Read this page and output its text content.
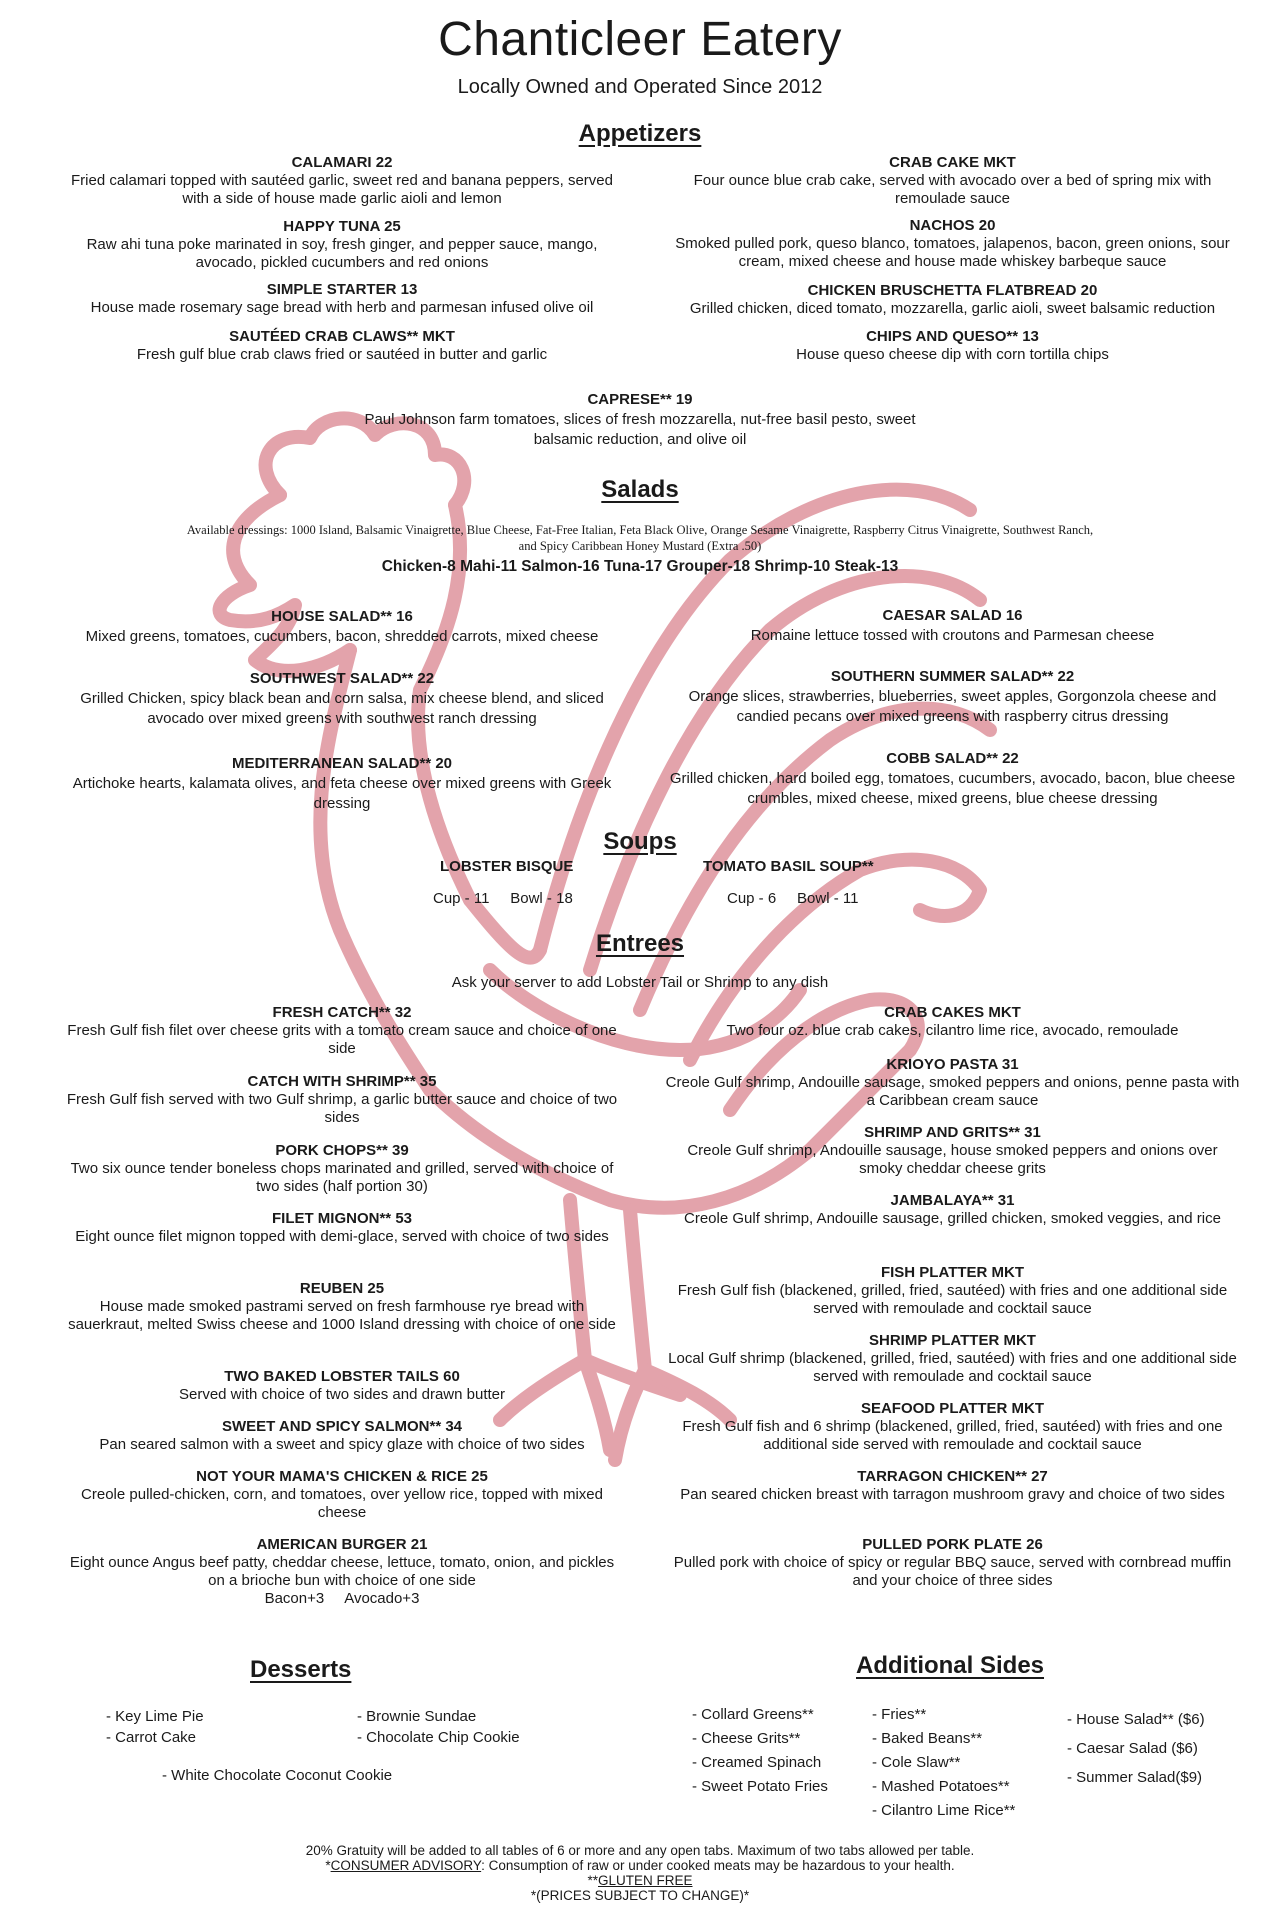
Chanticleer Eatery
Locally Owned and Operated Since 2012
Appetizers
CALAMARI 22
Fried calamari topped with sautéed garlic, sweet red and banana peppers, served with a side of house made garlic aioli and lemon
HAPPY TUNA 25
Raw ahi tuna poke marinated in soy, fresh ginger, and pepper sauce, mango, avocado, pickled cucumbers and red onions
SIMPLE STARTER 13
House made rosemary sage bread with herb and parmesan infused olive oil
SAUTÉED CRAB CLAWS** MKT
Fresh gulf blue crab claws fried or sautéed in butter and garlic
CRAB CAKE MKT
Four ounce blue crab cake, served with avocado over a bed of spring mix with remoulade sauce
NACHOS 20
Smoked pulled pork, queso blanco, tomatoes, jalapenos, bacon, green onions, sour cream, mixed cheese and house made whiskey barbeque sauce
CHICKEN BRUSCHETTA FLATBREAD 20
Grilled chicken, diced tomato, mozzarella, garlic aioli, sweet balsamic reduction
CHIPS AND QUESO** 13
House queso cheese dip with corn tortilla chips
CAPRESE** 19
Paul Johnson farm tomatoes, slices of fresh mozzarella, nut-free basil pesto, sweet balsamic reduction, and olive oil
Salads
Available dressings: 1000 Island, Balsamic Vinaigrette, Blue Cheese, Fat-Free Italian, Feta Black Olive, Orange Sesame Vinaigrette, Raspberry Citrus Vinaigrette, Southwest Ranch, and Spicy Caribbean Honey Mustard (Extra .50)
Chicken-8 Mahi-11 Salmon-16 Tuna-17 Grouper-18 Shrimp-10 Steak-13
HOUSE SALAD** 16
Mixed greens, tomatoes, cucumbers, bacon, shredded carrots, mixed cheese
SOUTHWEST SALAD** 22
Grilled Chicken, spicy black bean and corn salsa, mix cheese blend, and sliced avocado over mixed greens with southwest ranch dressing
MEDITERRANEAN SALAD** 20
Artichoke hearts, kalamata olives, and feta cheese over mixed greens with Greek dressing
CAESAR SALAD 16
Romaine lettuce tossed with croutons and Parmesan cheese
SOUTHERN SUMMER SALAD** 22
Orange slices, strawberries, blueberries, sweet apples, Gorgonzola cheese and candied pecans over mixed greens with raspberry citrus dressing
COBB SALAD** 22
Grilled chicken, hard boiled egg, tomatoes, cucumbers, avocado, bacon, blue cheese crumbles, mixed cheese, mixed greens, blue cheese dressing
Soups
LOBSTER BISQUE
Cup - 11     Bowl - 18
TOMATO BASIL SOUP**
Cup - 6     Bowl - 11
Entrees
Ask your server to add Lobster Tail or Shrimp to any dish
FRESH CATCH** 32
Fresh Gulf fish filet over cheese grits with a tomato cream sauce and choice of one side
CATCH WITH SHRIMP** 35
Fresh Gulf fish served with two Gulf shrimp, a garlic butter sauce and choice of two sides
PORK CHOPS** 39
Two six ounce tender boneless chops marinated and grilled, served with choice of two sides (half portion 30)
FILET MIGNON** 53
Eight ounce filet mignon topped with demi-glace, served with choice of two sides
REUBEN 25
House made smoked pastrami served on fresh farmhouse rye bread with sauerkraut, melted Swiss cheese and 1000 Island dressing with choice of one side
TWO BAKED LOBSTER TAILS 60
Served with choice of two sides and drawn butter
SWEET AND SPICY SALMON** 34
Pan seared salmon with a sweet and spicy glaze with choice of two sides
NOT YOUR MAMA'S CHICKEN & RICE 25
Creole pulled-chicken, corn, and tomatoes, over yellow rice, topped with mixed cheese
AMERICAN BURGER 21
Eight ounce Angus beef patty, cheddar cheese, lettuce, tomato, onion, and pickles on a brioche bun with choice of one side
Bacon+3     Avocado+3
CRAB CAKES MKT
Two four oz. blue crab cakes, cilantro lime rice, avocado, remoulade
KRIOYO PASTA 31
Creole Gulf shrimp, Andouille sausage, smoked peppers and onions, penne pasta with a Caribbean cream sauce
SHRIMP AND GRITS** 31
Creole Gulf shrimp, Andouille sausage, house smoked peppers and onions over smoky cheddar cheese grits
JAMBALAYA** 31
Creole Gulf shrimp, Andouille sausage, grilled chicken, smoked veggies, and rice
FISH PLATTER MKT
Fresh Gulf fish (blackened, grilled, fried, sautéed) with fries and one additional side served with remoulade and cocktail sauce
SHRIMP PLATTER MKT
Local Gulf shrimp (blackened, grilled, fried, sautéed) with fries and one additional side served with remoulade and cocktail sauce
SEAFOOD PLATTER MKT
Fresh Gulf fish and 6 shrimp (blackened, grilled, fried, sautéed) with fries and one additional side served with remoulade and cocktail sauce
TARRAGON CHICKEN** 27
Pan seared chicken breast with tarragon mushroom gravy and choice of two sides
PULLED PORK PLATE 26
Pulled pork with choice of spicy or regular BBQ sauce, served with cornbread muffin and your choice of three sides
Desserts
- Key Lime Pie
- Carrot Cake
- Brownie Sundae
- Chocolate Chip Cookie
- White Chocolate Coconut Cookie
Additional Sides
- Collard Greens**
- Cheese Grits**
- Creamed Spinach
- Sweet Potato Fries
- Fries**
- Baked Beans**
- Cole Slaw**
- Mashed Potatoes**
- Cilantro Lime Rice**
- House Salad** ($6)
- Caesar Salad ($6)
- Summer Salad($9)
20% Gratuity will be added to all tables of 6 or more and any open tabs. Maximum of two tabs allowed per table.
*CONSUMER ADVISORY: Consumption of raw or under cooked meats may be hazardous to your health.
**GLUTEN FREE
*(PRICES SUBJECT TO CHANGE)*
